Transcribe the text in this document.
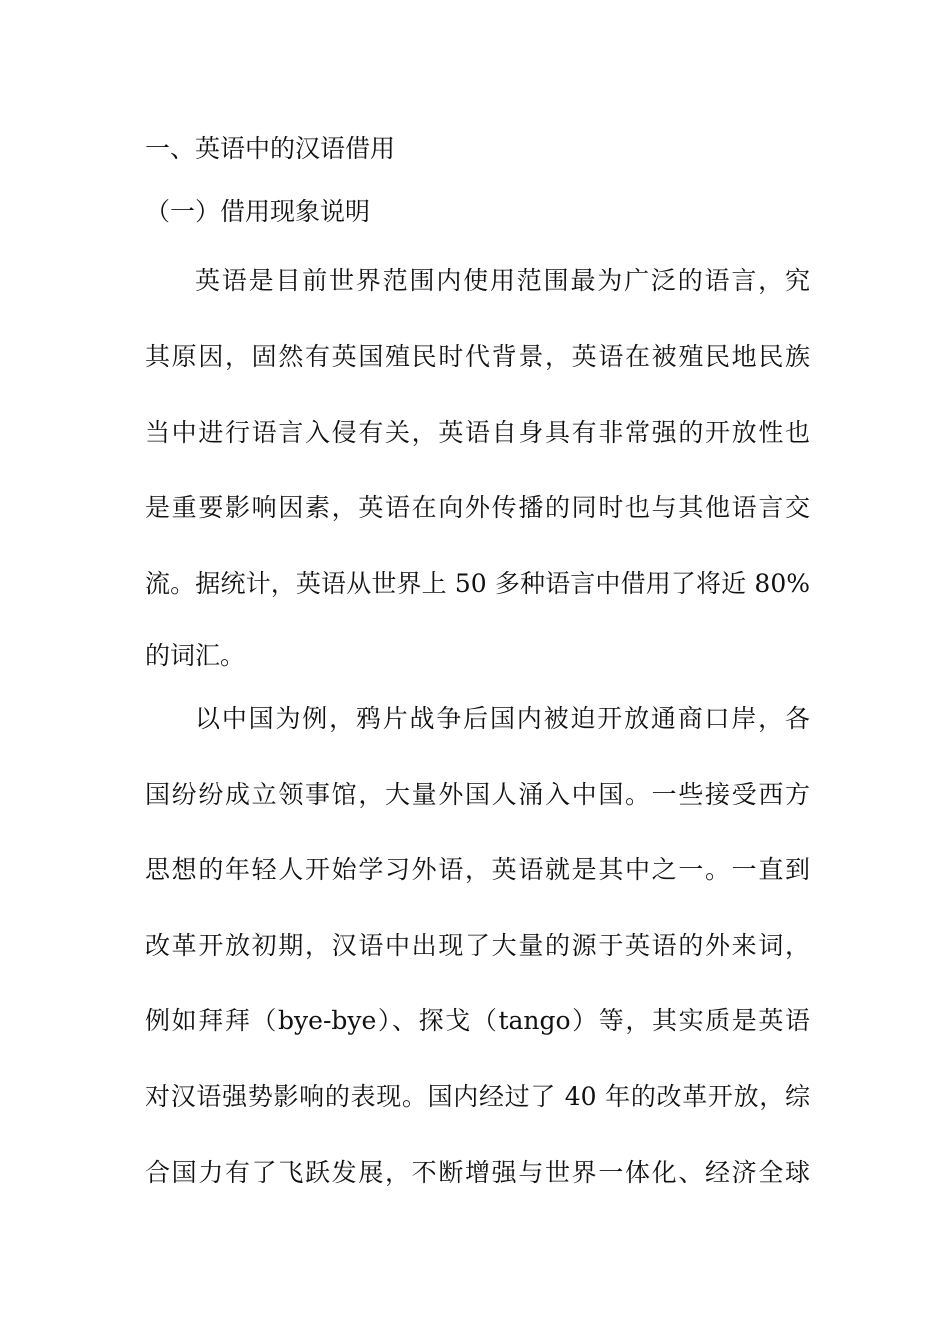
一、英语中的汉语借用
（一）借用现象说明
英语是目前世界范围内使用范围最为广泛的语言，究
其原因，固然有英国殖民时代背景，英语在被殖民地民族
当中进行语言入侵有关，英语自身具有非常强的开放性也
是重要影响因素，英语在向外传播的同时也与其他语言交
流。据统计，英语从世界上 50 多种语言中借用了将近 80%
的词汇。
以中国为例，鸦片战争后国内被迫开放通商口岸，各
国纷纷成立领事馆，大量外国人涌入中国。一些接受西方
思想的年轻人开始学习外语，英语就是其中之一。一直到
改革开放初期，汉语中出现了大量的源于英语的外来词，
例如拜拜（bye-bye）、探戈（tango）等，其实质是英语
对汉语强势影响的表现。国内经过了 40 年的改革开放，综
合国力有了飞跃发展，不断增强与世界一体化、经济全球
